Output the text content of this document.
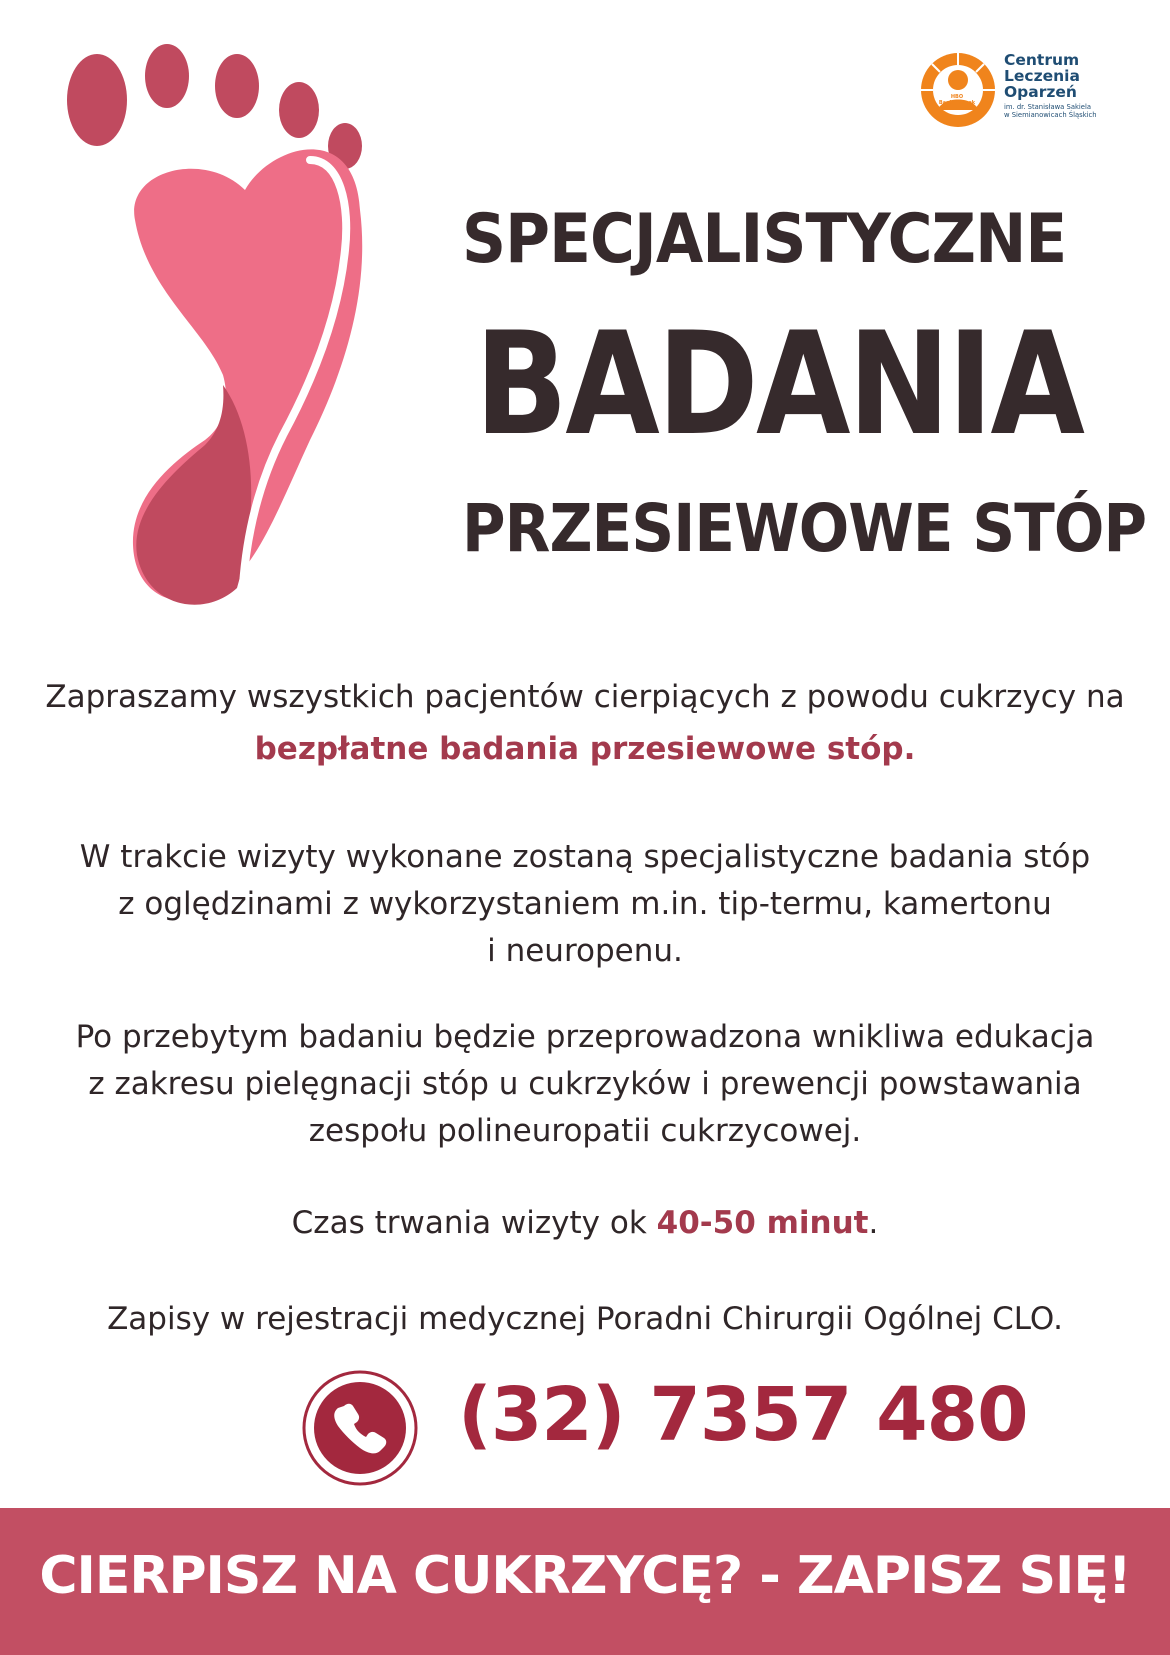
HBO
Bank Tkanek
Centrum
Leczenia
Oparzeń
im. dr. Stanisława Sakiela
w Siemianowicach Śląskich
SPECJALISTYCZNE
BADANIA
PRZESIEWOWE STÓP
Zapraszamy wszystkich pacjentów cierpiących z powodu cukrzycy na
bezpłatne badania przesiewowe stóp.
W trakcie wizyty wykonane zostaną specjalistyczne badania stóp
z oględzinami z wykorzystaniem m.in. tip-termu, kamertonu
i neuropenu.
Po przebytym badaniu będzie przeprowadzona wnikliwa edukacja
z zakresu pielęgnacji stóp u cukrzyków i prewencji powstawania
zespołu polineuropatii cukrzycowej.
Czas trwania wizyty ok 40-50 minut.
Zapisy w rejestracji medycznej Poradni Chirurgii Ogólnej CLO.
(32) 7357 480
CIERPISZ NA CUKRZYCĘ? - ZAPISZ SIĘ!
